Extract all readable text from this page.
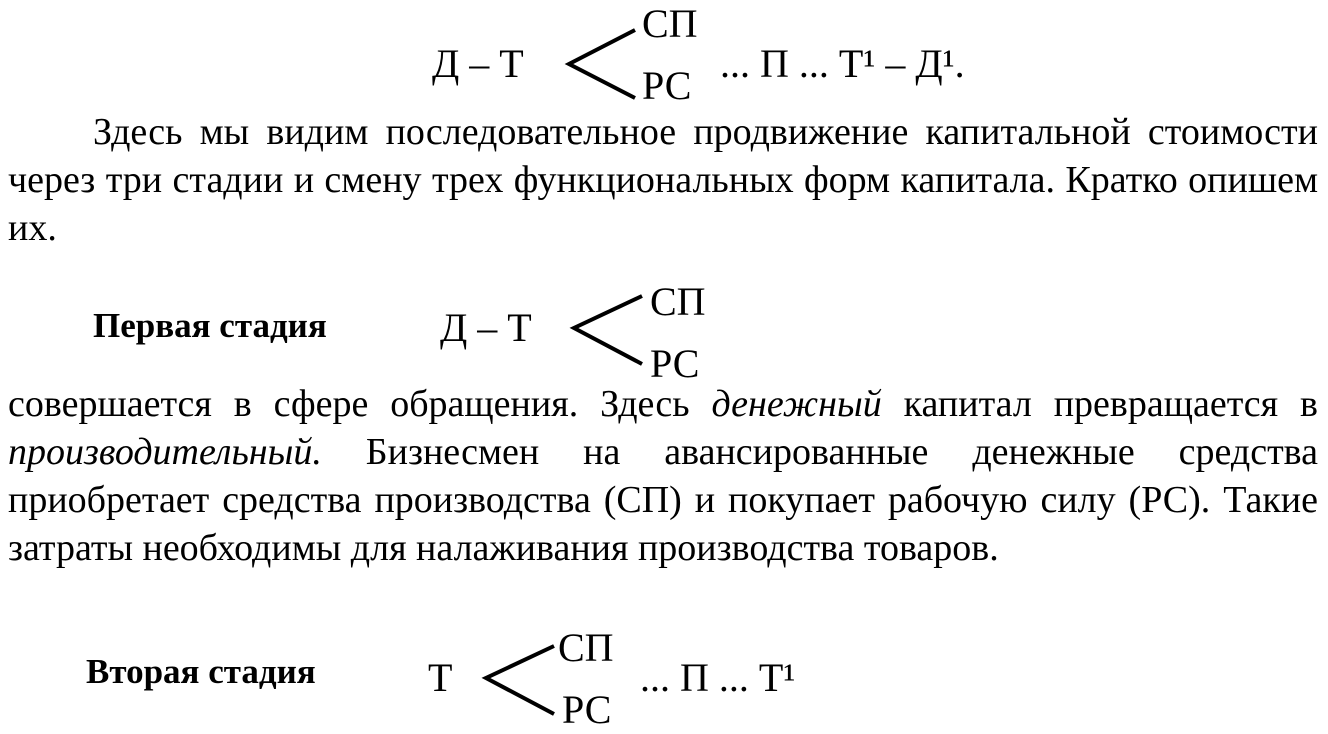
Д – Т
СП
РС ... П ... Т¹ – Д¹.
Здесь мы видим последовательное продвижение капитальной стоимости через три стадии и смену трех функциональных форм капитала. Кратко опишем их.
Первая стадия	Д – Т
СП
РС
совершается в сфере обращения. Здесь денежный капитал превращается в производительный. Бизнесмен на авансированные денежные средства приобретает средства производства (СП) и покупает рабочую силу (РС). Такие затраты необходимы для налаживания производства товаров.
Вторая стадия	Т
СП
РС
... П ... Т¹
